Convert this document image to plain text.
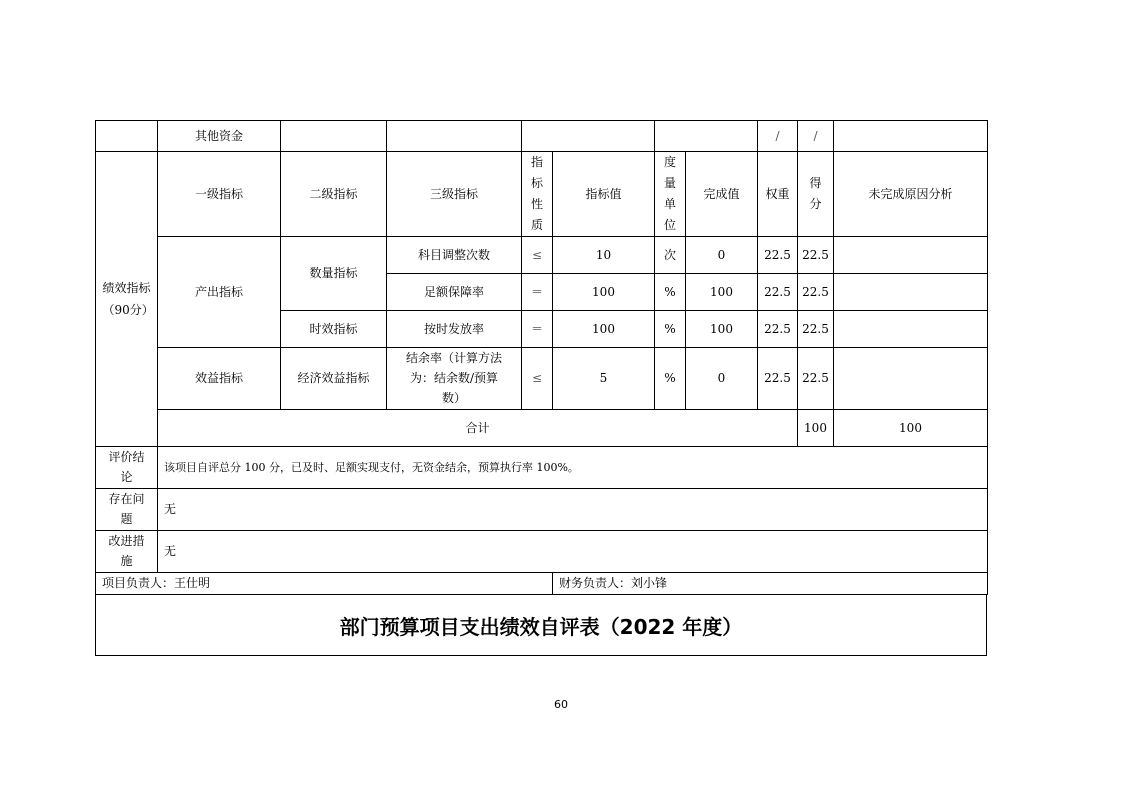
	其他资金							/	/		
绩效指标（90分）	一级指标	二级指标	三级指标	指标性质	指标值	度量单位	完成值	权重	得分	未完成原因分析	
	产出指标	数量指标	科目调整次数	≤	10	次	0	22.5	22.5		
			足额保障率	＝	100	%	100	22.5	22.5		
		时效指标	按时发放率	＝	100	%	100	22.5	22.5		
	效益指标	经济效益指标	结余率（计算方法为：结余数/预算数）	≤	5	%	0	22.5	22.5		
	合计								100	100	
评价结论	该项目自评总分 100 分，已及时、足额实现支付，无资金结余，预算执行率 100%。										
存在问题	无										
改进措施	无										
项目负责人：王仕明					财务负责人：刘小锋						
部门预算项目支出绩效自评表（2022 年度）
60
